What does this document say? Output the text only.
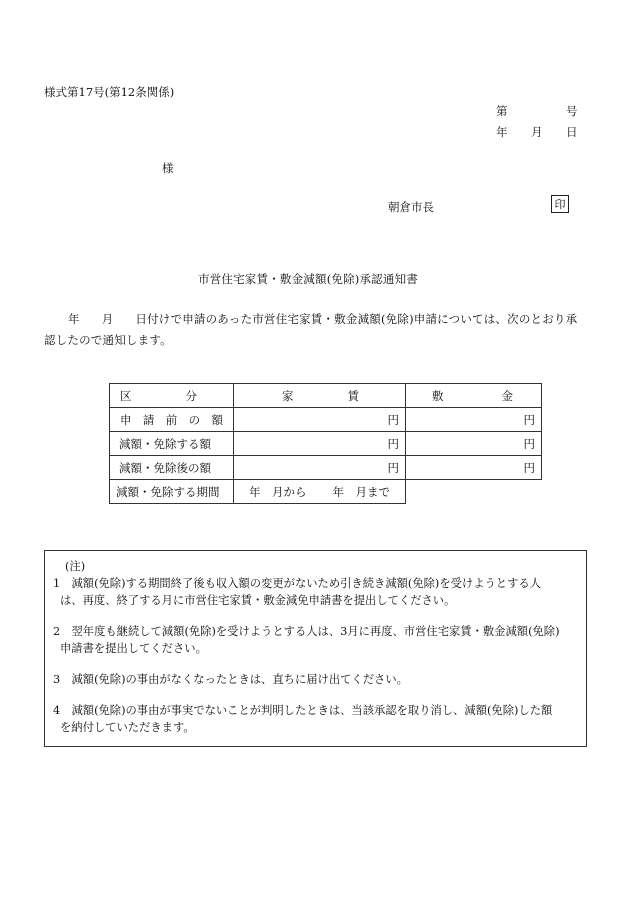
様式第17号(第12条関係)
第	号
年 月 日
様
朝倉市長	印
市営住宅家賃・敷金減額(免除)承認通知書
年 月 日付けで申請のあった市営住宅家賃・敷金減額(免除)申請については、次のとおり承認したので通知します。
区 分	家 賃	敷 金

申 請 前 の 額	円	円
減額・免除する額	円	円
減額・免除後の額	円	円
減額・免除する期間	年　月から 年　月まで	

(注)
1　減額(免除)する期間終了後も収入額の変更がないため引き続き減額(免除)を受けようとする人
は、再度、終了する月に市営住宅家賃・敷金減免申請書を提出してください。
2　翌年度も継続して減額(免除)を受けようとする人は、3月に再度、市営住宅家賃・敷金減額(免除)
申請書を提出してください。
3　減額(免除)の事由がなくなったときは、直ちに届け出てください。
4　減額(免除)の事由が事実でないことが判明したときは、当該承認を取り消し、減額(免除)した額
を納付していただきます。
